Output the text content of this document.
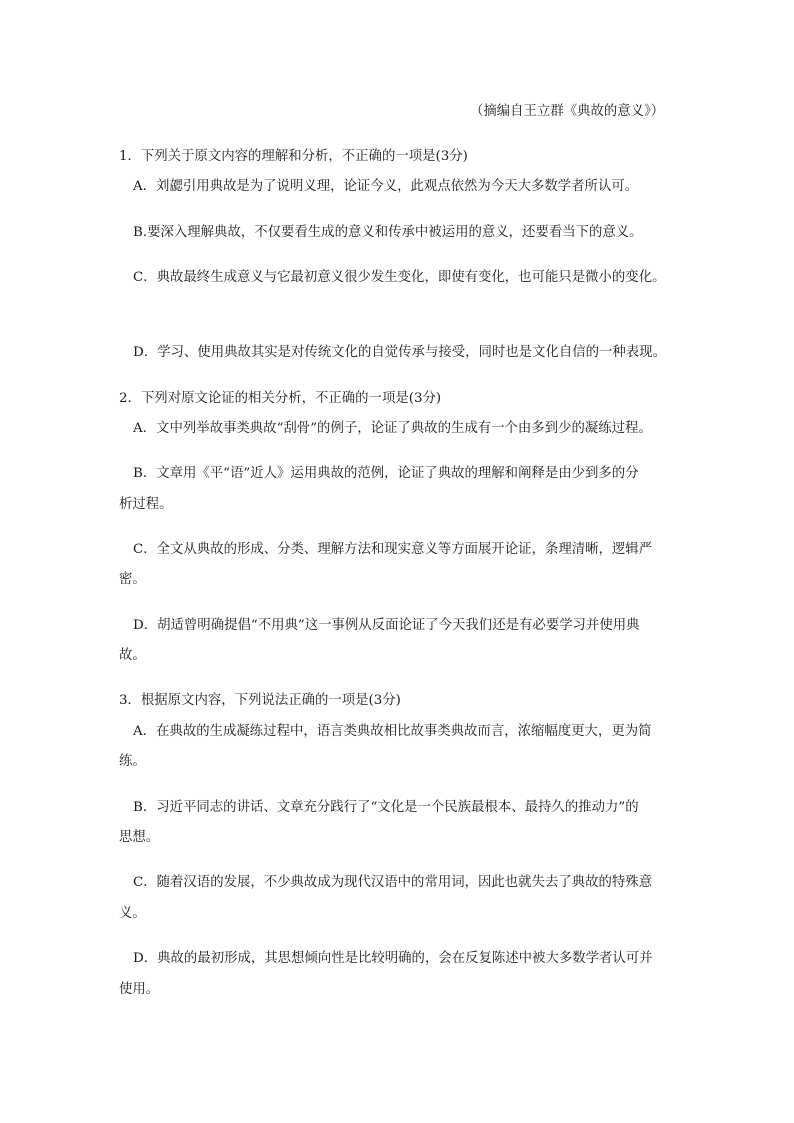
（摘编自王立群《典故的意义》）
1．下列关于原文内容的理解和分析，不正确的一项是(3分)
A．刘勰引用典故是为了说明义理，论证今义，此观点依然为今天大多数学者所认可。
B.要深入理解典故，不仅要看生成的意义和传承中被运用的意义，还要看当下的意义。
C．典故最终生成意义与它最初意义很少发生变化，即使有变化，也可能只是微小的变化。
D．学习、使用典故其实是对传统文化的自觉传承与接受，同时也是文化自信的一种表现。
2．下列对原文论证的相关分析，不正确的一项是(3分)
A．文中列举故事类典故“刮骨”的例子，论证了典故的生成有一个由多到少的凝练过程。
B．文章用《平“语”近人》运用典故的范例，论证了典故的理解和阐释是由少到多的分
析过程。
C．全文从典故的形成、分类、理解方法和现实意义等方面展开论证，条理清晰，逻辑严
密。
D．胡适曾明确提倡“不用典”这一事例从反面论证了今天我们还是有必要学习并使用典
故。
3．根据原文内容，下列说法正确的一项是(3分)
A．在典故的生成凝练过程中，语言类典故相比故事类典故而言，浓缩幅度更大，更为简
练。
B．习近平同志的讲话、文章充分践行了“文化是一个民族最根本、最持久的推动力”的
思想。
C．随着汉语的发展，不少典故成为现代汉语中的常用词，因此也就失去了典故的特殊意
义。
D．典故的最初形成，其思想倾向性是比较明确的，会在反复陈述中被大多数学者认可并
使用。
